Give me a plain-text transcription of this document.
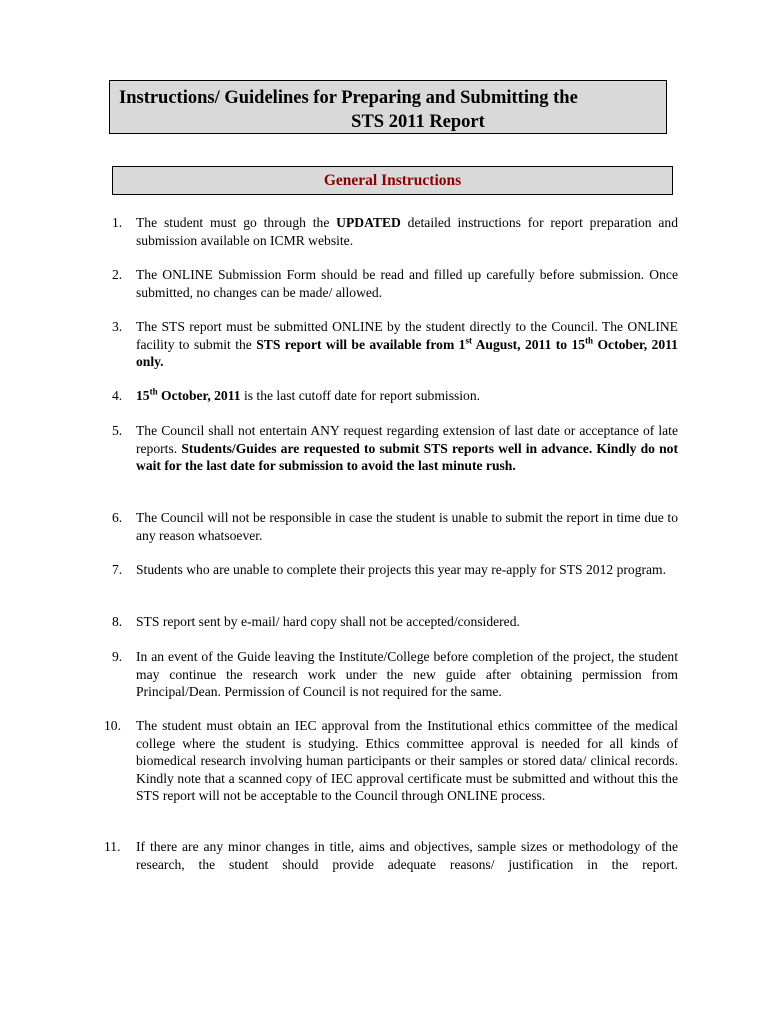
Instructions/ Guidelines for Preparing and Submitting the
STS 2011 Report
General Instructions
1. The student must go through the UPDATED detailed instructions for report preparation and submission available on ICMR website.
2. The ONLINE Submission Form should be read and filled up carefully before submission. Once submitted, no changes can be made/ allowed.
3. The STS report must be submitted ONLINE by the student directly to the Council. The ONLINE facility to submit the STS report will be available from 1st August, 2011 to 15th October, 2011 only.
4. 15th October, 2011 is the last cutoff date for report submission.
5. The Council shall not entertain ANY request regarding extension of last date or acceptance of late reports. Students/Guides are requested to submit STS reports well in advance. Kindly do not wait for the last date for submission to avoid the last minute rush.
6. The Council will not be responsible in case the student is unable to submit the report in time due to any reason whatsoever.
7. Students who are unable to complete their projects this year may re-apply for STS 2012 program.
8. STS report sent by e-mail/ hard copy shall not be accepted/considered.
9. In an event of the Guide leaving the Institute/College before completion of the project, the student may continue the research work under the new guide after obtaining permission from Principal/Dean. Permission of Council is not required for the same.
10. The student must obtain an IEC approval from the Institutional ethics committee of the medical college where the student is studying. Ethics committee approval is needed for all kinds of biomedical research involving human participants or their samples or stored data/ clinical records. Kindly note that a scanned copy of IEC approval certificate must be submitted and without this the STS report will not be acceptable to the Council through ONLINE process.
11. If there are any minor changes in title, aims and objectives, sample sizes or methodology of the research, the student should provide adequate reasons/ justification in the report.
